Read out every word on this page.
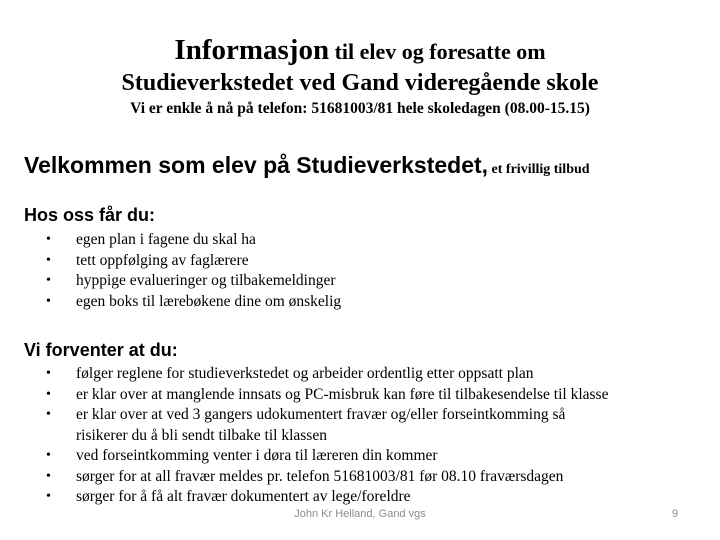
Informasjon til elev og foresatte om
Studieverkstedet ved Gand videregående skole
Vi er enkle å nå på telefon: 51681003/81 hele skoledagen (08.00-15.15)
Velkommen som elev på Studieverkstedet, et frivillig tilbud
Hos oss får du:
• egen plan i fagene du skal ha
• tett oppfølging av faglærere
• hyppige evalueringer og tilbakemeldinger
• egen boks til lærebøkene dine om ønskelig
Vi forventer at du:
• følger reglene for studieverkstedet og arbeider ordentlig etter oppsatt plan
• er klar over at manglende innsats og PC-misbruk kan føre til tilbakesendelse til klasse
• er klar over at ved 3 gangers udokumentert fravær og/eller forseintkomming så
risikerer du å bli sendt tilbake til klassen
• ved forseintkomming venter i døra til læreren din kommer
• sørger for at all fravær meldes pr. telefon 51681003/81 før 08.10 fraværsdagen
• sørger for å få alt fravær dokumentert av lege/foreldre
John Kr Helland, Gand vgs	9
